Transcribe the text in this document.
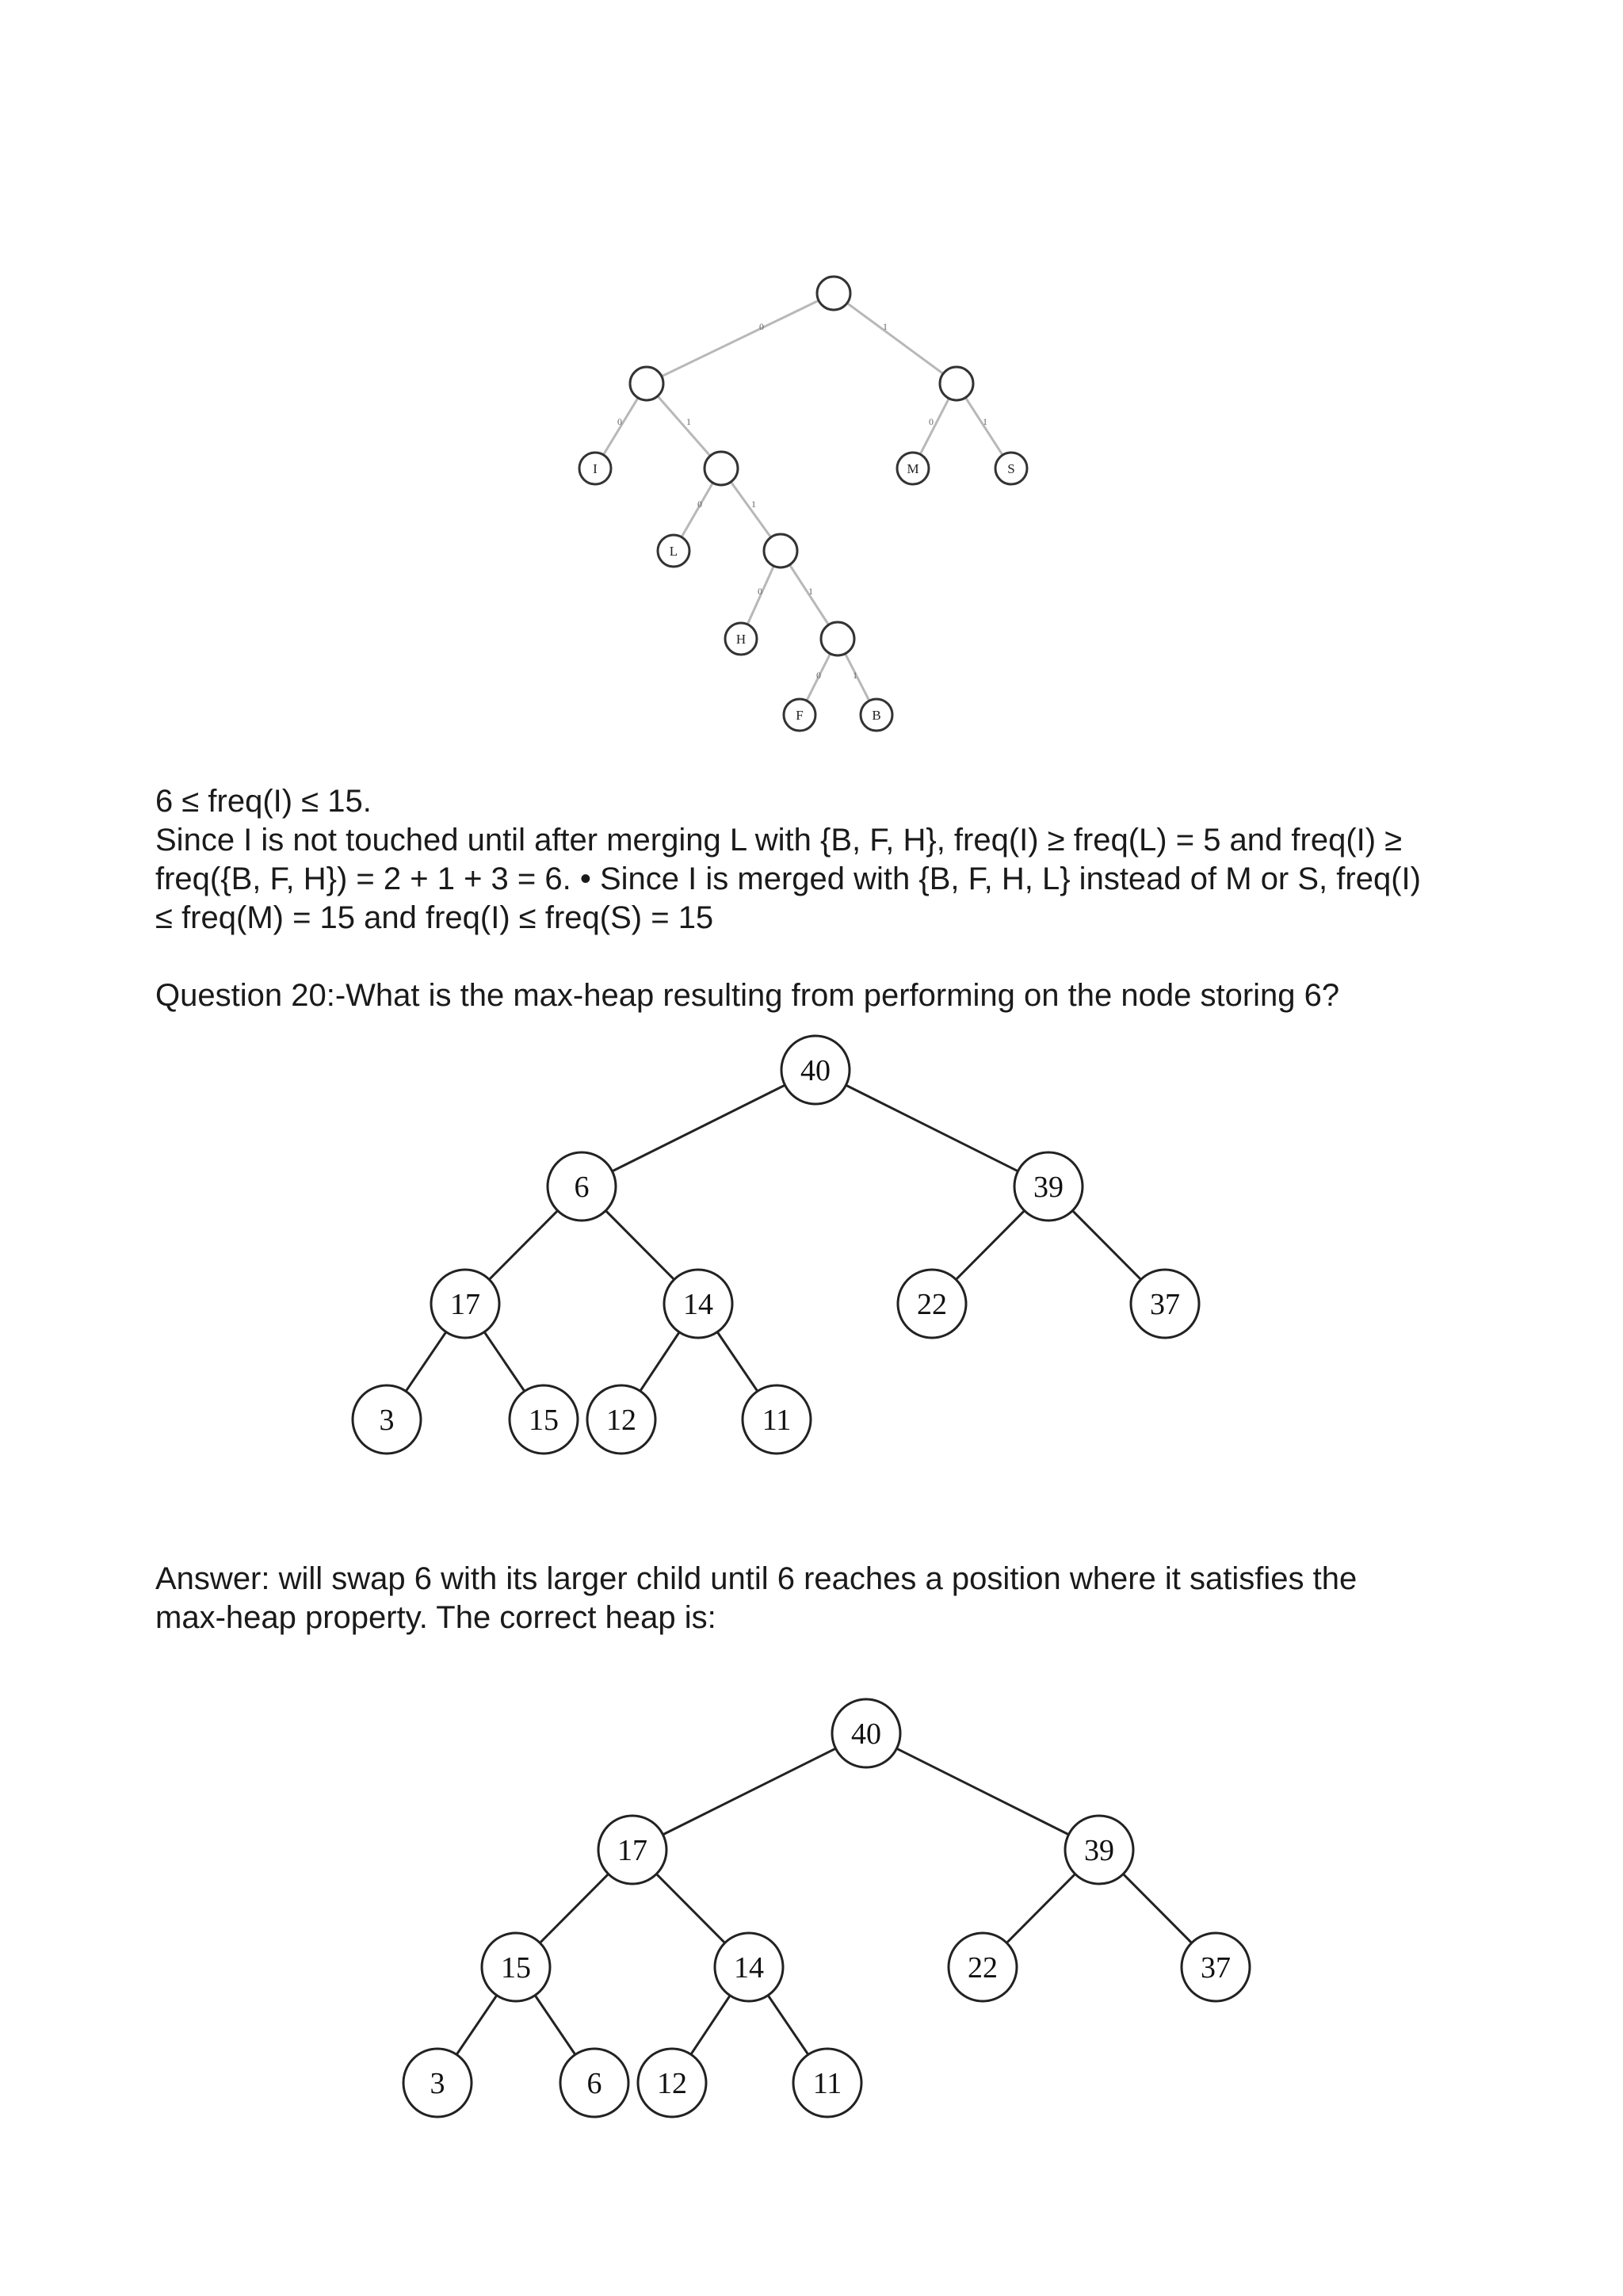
0	1
0	1	0	1
0	1
0	1
0	1
I	M	S
L
H
F	B

6 ≤ freq(I) ≤ 15.

Since I is not touched until after merging L with {B, F, H}, freq(I) ≥ freq(L) = 5 and freq(I) ≥

freq({B, F, H}) = 2 + 1 + 3 = 6. • Since I is merged with {B, F, H, L} instead of M or S, freq(I)

≤ freq(M) = 15 and freq(I) ≤ freq(S) = 15

Question 20:-What is the max-heap resulting from performing on the node storing 6?

40
6	39
17	14	22	37
3	15 12	11

Answer: will swap 6 with its larger child until 6 reaches a position where it satisfies the

max-heap property. The correct heap is:

40
17	39
15	14	22	37
3	6 12	11
